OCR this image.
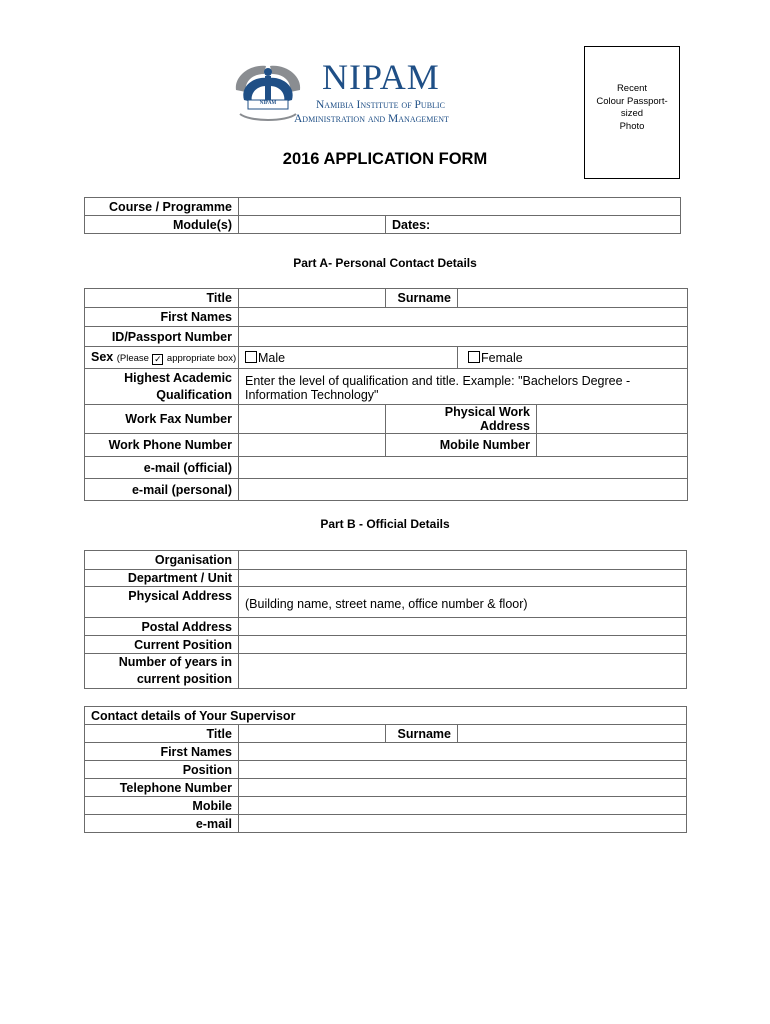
NIPAM
NIPAM
Namibia Institute of Public
Administration and Management
Recent
Colour Passport-
sized
Photo
2016 APPLICATION FORM
Course / Programme		
Module(s)		Dates:
Part A- Personal Contact Details
Title		Surname		
First Names				
ID/Passport Number				
Sex (Please ✓ appropriate box)	Male		Female	

Highest Academic
Qualification	Enter the level of qualification and title. Example: "Bachelors Degree - Information Technology"			
Work Fax Number		Physical Work Address		
Work Phone Number		Mobile Number		
e-mail (official)				
e-mail (personal)				
Part B - Official Details
Organisation	
Department / Unit	
Physical Address	(Building name, street name, office number & floor)
Postal Address	
Current Position	

Number of years in
current position	

Contact details of Your Supervisor			
Title		Surname	
First Names			
Position			
Telephone Number			
Mobile			
e-mail			
